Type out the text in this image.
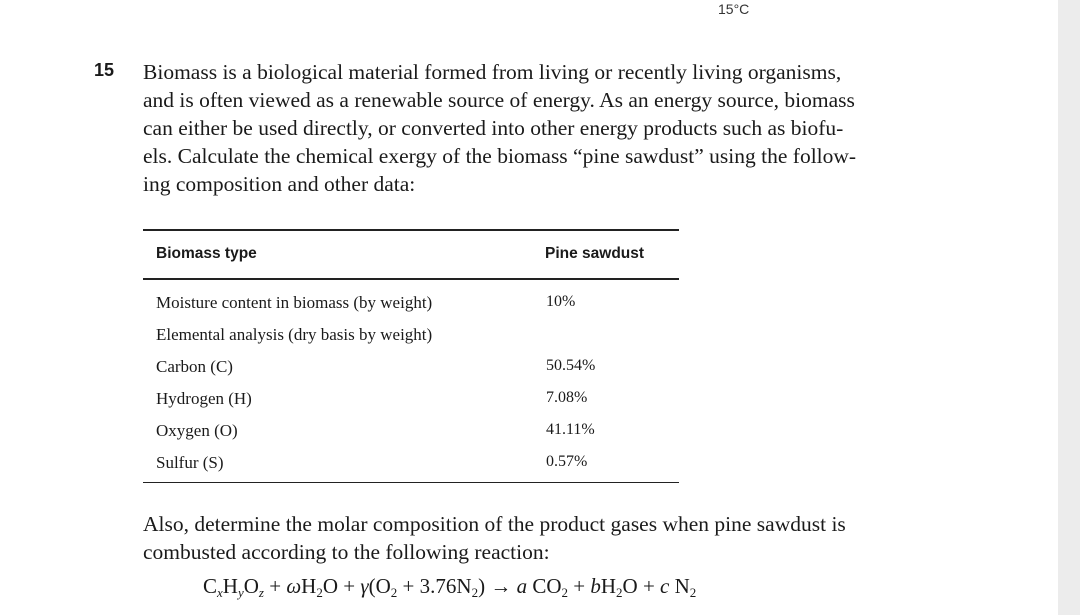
15°C
15 Biomass is a biological material formed from living or recently living organisms,
and is often viewed as a renewable source of energy. As an energy source, biomass
can either be used directly, or converted into other energy products such as biofu-
els. Calculate the chemical exergy of the biomass “pine sawdust” using the follow-
ing composition and other data:
Biomass type	Pine sawdust
Moisture content in biomass (by weight)	10%
Elemental analysis (dry basis by weight)
Carbon (C)	50.54%
Hydrogen (H)	7.08%
Oxygen (O)	41.11%
Sulfur (S)	0.57%
Also, determine the molar composition of the product gases when pine sawdust is
combusted according to the following reaction:
$C_xH_yO_z + \omega H_2O + \gamma(O_2 + 3.76N_2) \to a$ $CO_2 + bH_2O + c$ $N_2$
